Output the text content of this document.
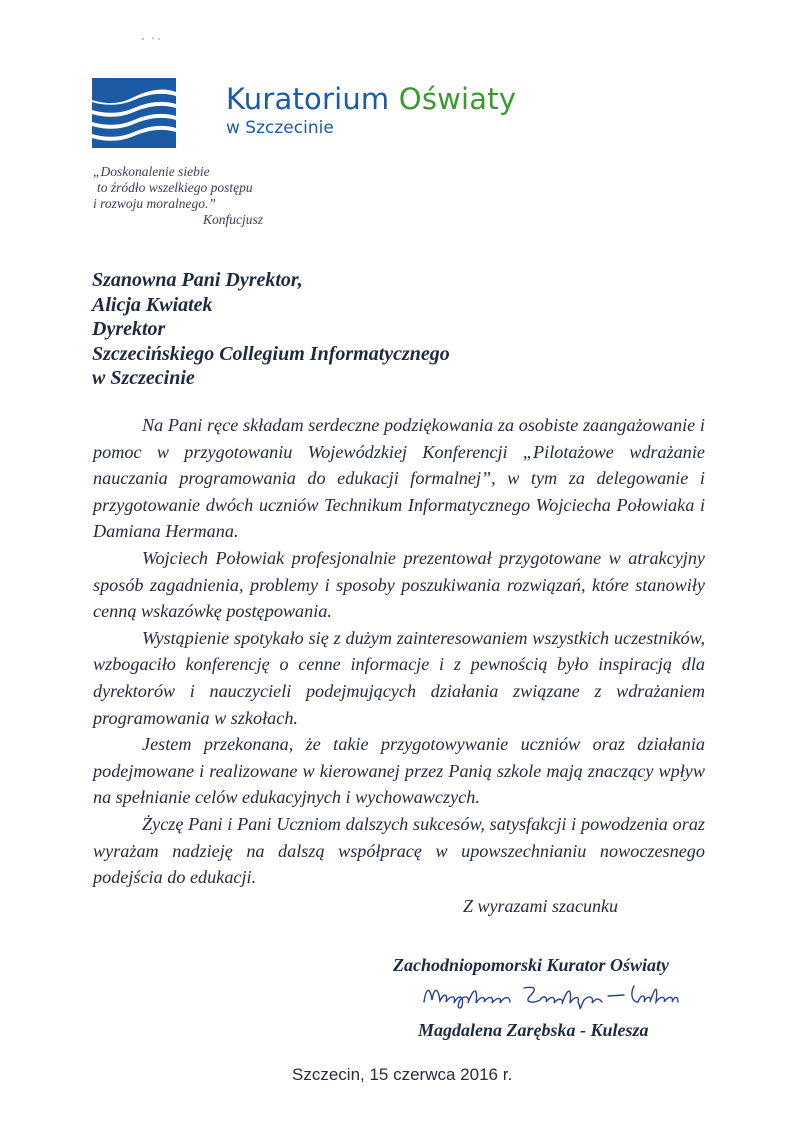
Kuratorium Oświaty
w Szczecinie
„Doskonalenie siebie
to źródło wszelkiego postępu
i rozwoju moralnego.”
Konfucjusz
Szanowna Pani Dyrektor,
Alicja Kwiatek
Dyrektor
Szczecińskiego Collegium Informatycznego
w Szczecinie

Na Pani ręce składam serdeczne podziękowania za osobiste zaangażowanie i pomoc w przygotowaniu Wojewódzkiej Konferencji „Pilotażowe wdrażanie nauczania programowania do edukacji formalnej”, w tym za delegowanie i przygotowanie dwóch uczniów Technikum Informatycznego Wojciecha Połowiaka i Damiana Hermana.

Wojciech Połowiak profesjonalnie prezentował przygotowane w atrakcyjny sposób zagadnienia, problemy i sposoby poszukiwania rozwiązań, które stanowiły cenną wskazówkę postępowania.

Wystąpienie spotykało się z dużym zainteresowaniem wszystkich uczestników, wzbogaciło konferencję o cenne informacje i z pewnością było inspiracją dla dyrektorów i nauczycieli podejmujących działania związane z wdrażaniem programowania w szkołach.

Jestem przekonana, że takie przygotowywanie uczniów oraz działania podejmowane i realizowane w kierowanej przez Panią szkole mają znaczący wpływ na spełnianie celów edukacyjnych i wychowawczych.

Życzę Pani i Pani Uczniom dalszych sukcesów, satysfakcji i powodzenia oraz wyrażam nadzieję na dalszą współpracę w upowszechnianiu nowoczesnego podejścia do edukacji.

Z wyrazami szacunku
Zachodniopomorski Kurator Oświaty
Magdalena Zarębska - Kulesza
Szczecin, 15 czerwca 2016 r.
